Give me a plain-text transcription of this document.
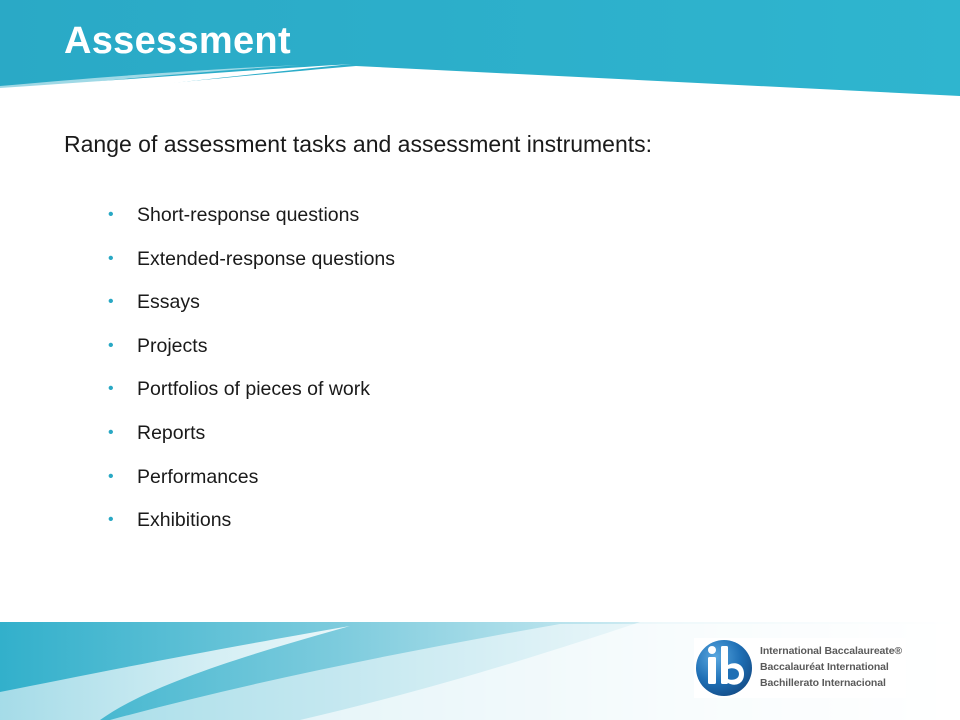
Assessment

Range of assessment tasks and assessment instruments:

• Short-response questions
• Extended-response questions
• Essays
• Projects
• Portfolios of pieces of work
• Reports
• Performances
• Exhibitions
International Baccalaureate®
Baccalauréat International
Bachillerato Internacional
